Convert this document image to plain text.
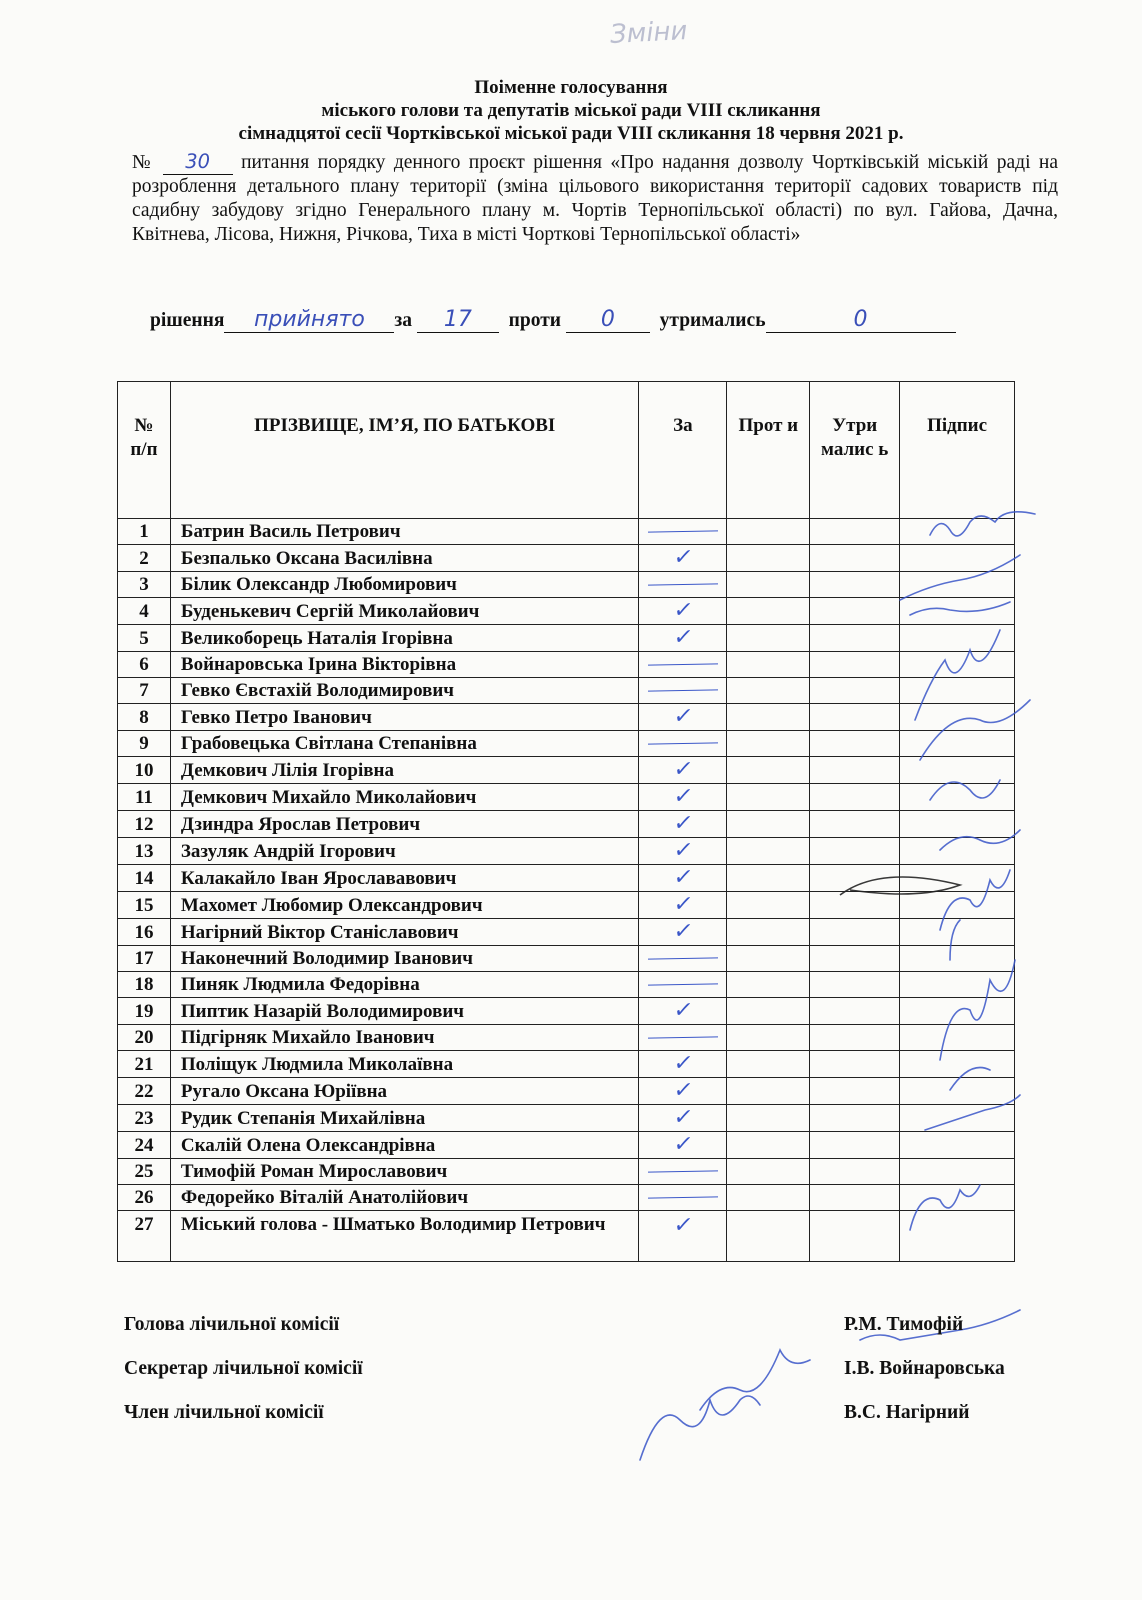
Зміни
Поіменне голосування
міського голови та депутатів міської ради VIII скликання
сімнадцятої сесії Чортківської міської ради VIII скликання 18 червня 2021 р.
№ 30 питання порядку денного проєкт рішення «Про надання дозволу Чортківській міській раді на розроблення детального плану території (зміна цільового використання території садових товариств під садибну забудову згідно Генерального плану м. Чортів Тернопільської області) по вул. Гайова, Дачна, Квітнева, Лісова, Нижня, Річкова, Тиха в місті Чорткові Тернопільської області»
рішення прийнято за 17 проти 0 утримались	0
№ п/п	ПРІЗВИЩЕ, ІМ’Я, ПО БАТЬКОВІ	За	Прот и	Утри малис ь	Підпис
1	Батрин Василь Петрович	

2	Безпалько Оксана Василівна	✓			
3	Білик Олександр Любомирович	

4	Буденькевич Сергій Миколайович	✓			
5	Великоборець Наталія Ігорівна	✓			
6	Войнаровська Ірина Вікторівна	

7	Гевко Євстахій Володимирович	

8	Гевко Петро Іванович	✓			
9	Грабовецька Світлана Степанівна	

10	Демкович Лілія Ігорівна	✓			
11	Демкович Михайло Миколайович	✓			
12	Дзиндра Ярослав Петрович	✓			
13	Зазуляк Андрій Ігорович	✓			
14	Калакайло Іван Ярослававович	✓			
15	Махомет Любомир Олександрович	✓			
16	Нагірний Віктор Станіславович	✓			
17	Наконечний Володимир Іванович	

18	Пиняк Людмила Федорівна	

19	Пиптик Назарій Володимирович	✓			
20	Підгірняк Михайло Іванович	

21	Поліщук Людмила Миколаївна	✓			
22	Ругало Оксана Юріївна	✓			
23	Рудик Степанія Михайлівна	✓			
24	Скалій Олена Олександрівна	✓			
25	Тимофій Роман Мирославович	

26	Федорейко Віталій Анатолійович	

27	Міський голова - Шматько Володимир Петрович	✓			
Голова лічильної комісії	Р.М. Тимофій
Секретар лічильної комісії	І.В. Войнаровська
Член лічильної комісії	В.С. Нагірний
